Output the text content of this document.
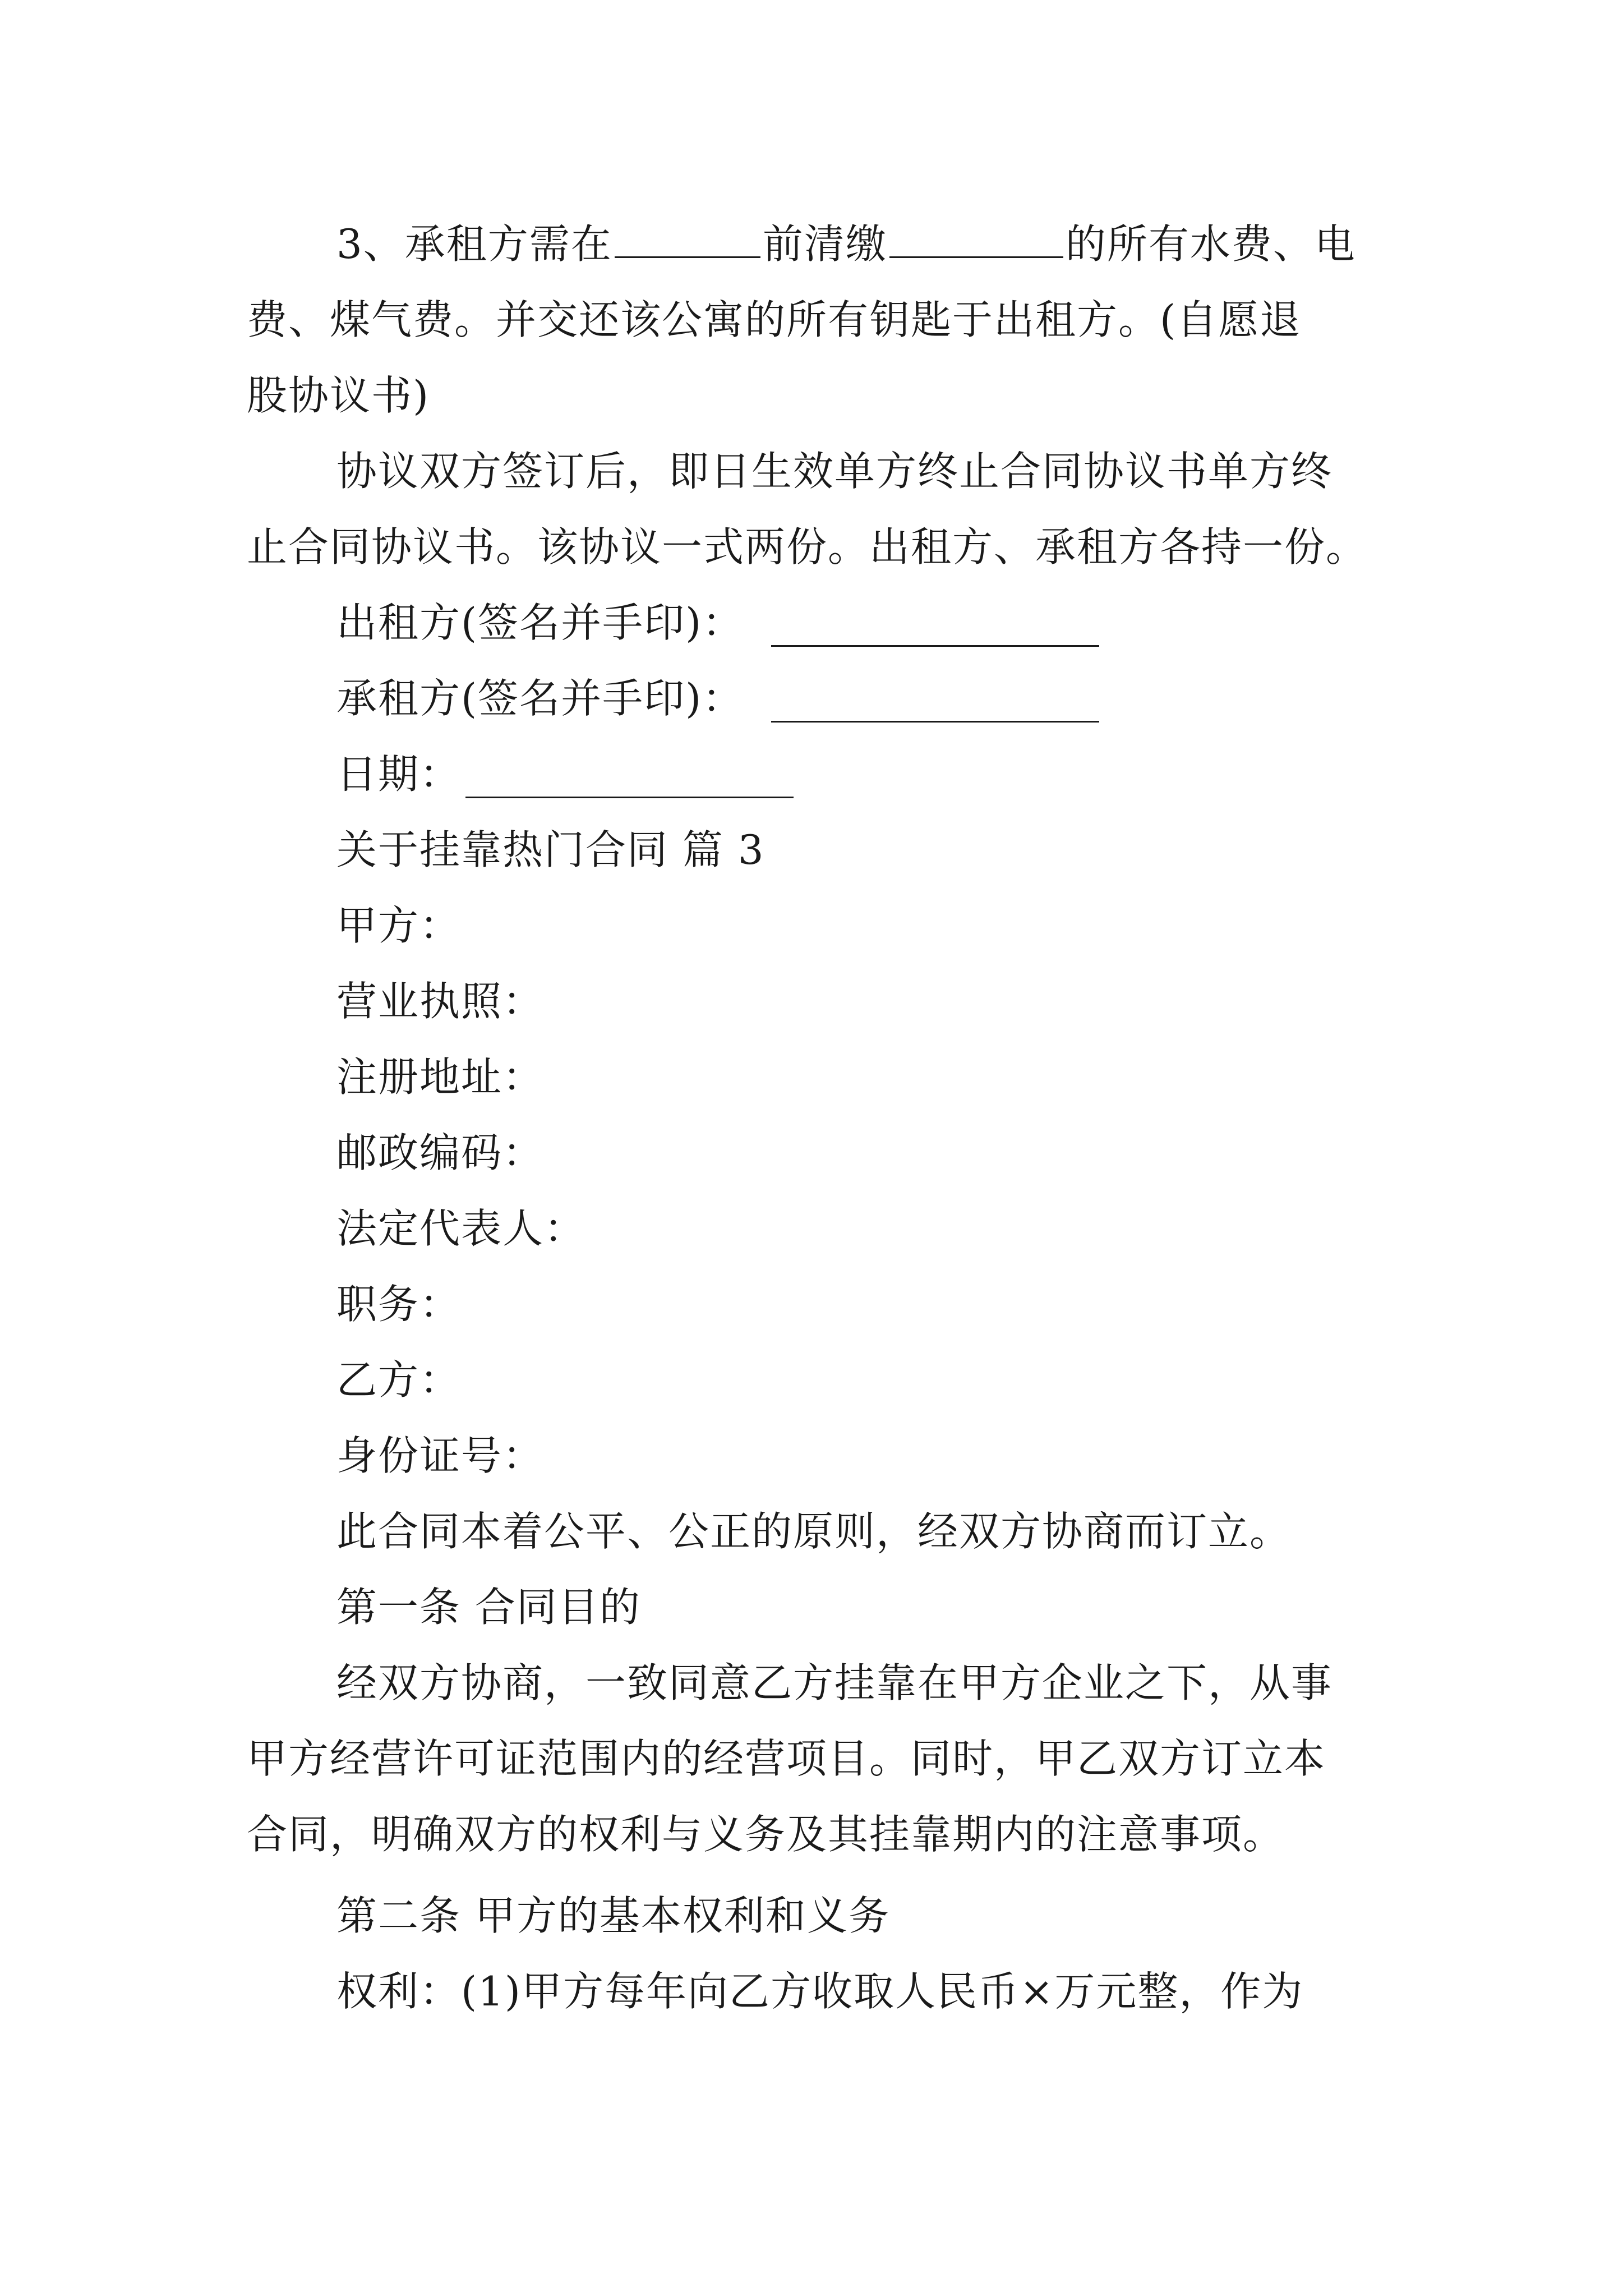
3、承租方需在	前清缴	的所有水费、电
费、煤气费。并交还该公寓的所有钥匙于出租方。(自愿退
股协议书)
协议双方签订后，即日生效单方终止合同协议书单方终
止合同协议书。该协议一式两份。出租方、承租方各持一份。
出租方(签名并手印)：
承租方(签名并手印)：
日期：
关于挂靠热门合同 篇 3
甲方：
营业执照：
注册地址：
邮政编码：
法定代表人：
职务：
乙方：
身份证号：
此合同本着公平、公正的原则，经双方协商而订立。
第一条 合同目的
经双方协商，一致同意乙方挂靠在甲方企业之下，从事
甲方经营许可证范围内的经营项目。同时，甲乙双方订立本
合同，明确双方的权利与义务及其挂靠期内的注意事项。
第二条 甲方的基本权利和义务
权利：(1)甲方每年向乙方收取人民币×万元整，作为
